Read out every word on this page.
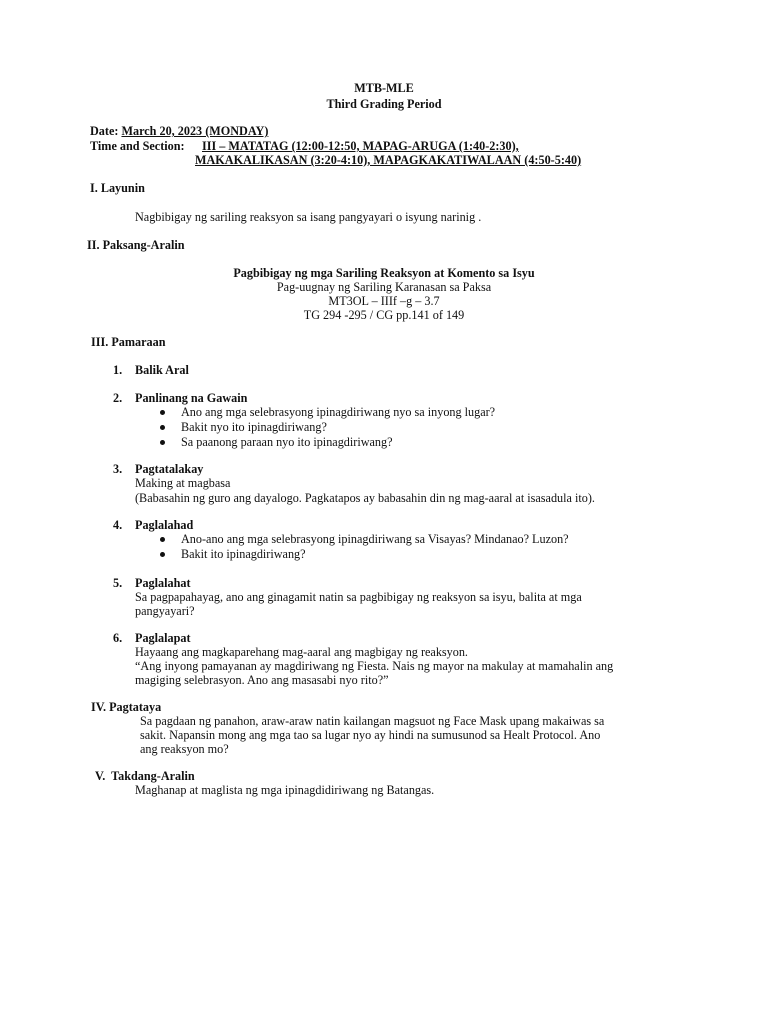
MTB-MLE
Third Grading Period
Date: March 20, 2023 (MONDAY)
Time and Section: III – MATATAG (12:00-12:50, MAPAG-ARUGA (1:40-2:30),
MAKAKALIKASAN (3:20-4:10), MAPAGKAKATIWALAAN (4:50-5:40)
I. Layunin
Nagbibigay ng sariling reaksyon sa isang pangyayari o isyung narinig .
II. Paksang-Aralin
Pagbibigay ng mga Sariling Reaksyon at Komento sa Isyu
Pag-uugnay ng Sariling Karanasan sa Paksa
MT3OL – IIIf –g – 3.7
TG 294 -295 / CG pp.141 of 149
III. Pamaraan
1.	Balik Aral
2.	Panlinang na Gawain
Ano ang mga selebrasyong ipinagdiriwang nyo sa inyong lugar?
Bakit nyo ito ipinagdiriwang?
Sa paanong paraan nyo ito ipinagdiriwang?
3.	Pagtatalakay
Making at magbasa
(Babasahin ng guro ang dayalogo. Pagkatapos ay babasahin din ng mag-aaral at isasadula ito).
4.	Paglalahad
Ano-ano ang mga selebrasyong ipinagdiriwang sa Visayas? Mindanao? Luzon?
Bakit ito ipinagdiriwang?
5.	Paglalahat
Sa pagpapahayag, ano ang ginagamit natin sa pagbibigay ng reaksyon sa isyu, balita at mga
pangyayari?
6.	Paglalapat
Hayaang ang magkaparehang mag-aaral ang magbigay ng reaksyon.
“Ang inyong pamayanan ay magdiriwang ng Fiesta. Nais ng mayor na makulay at mamahalin ang
magiging selebrasyon. Ano ang masasabi nyo rito?”
IV. Pagtataya
Sa pagdaan ng panahon, araw-araw natin kailangan magsuot ng Face Mask upang makaiwas sa
sakit. Napansin mong ang mga tao sa lugar nyo ay hindi na sumusunod sa Healt Protocol. Ano
ang reaksyon mo?
V.  Takdang-Aralin
Maghanap at maglista ng mga ipinagdidiriwang ng Batangas.
